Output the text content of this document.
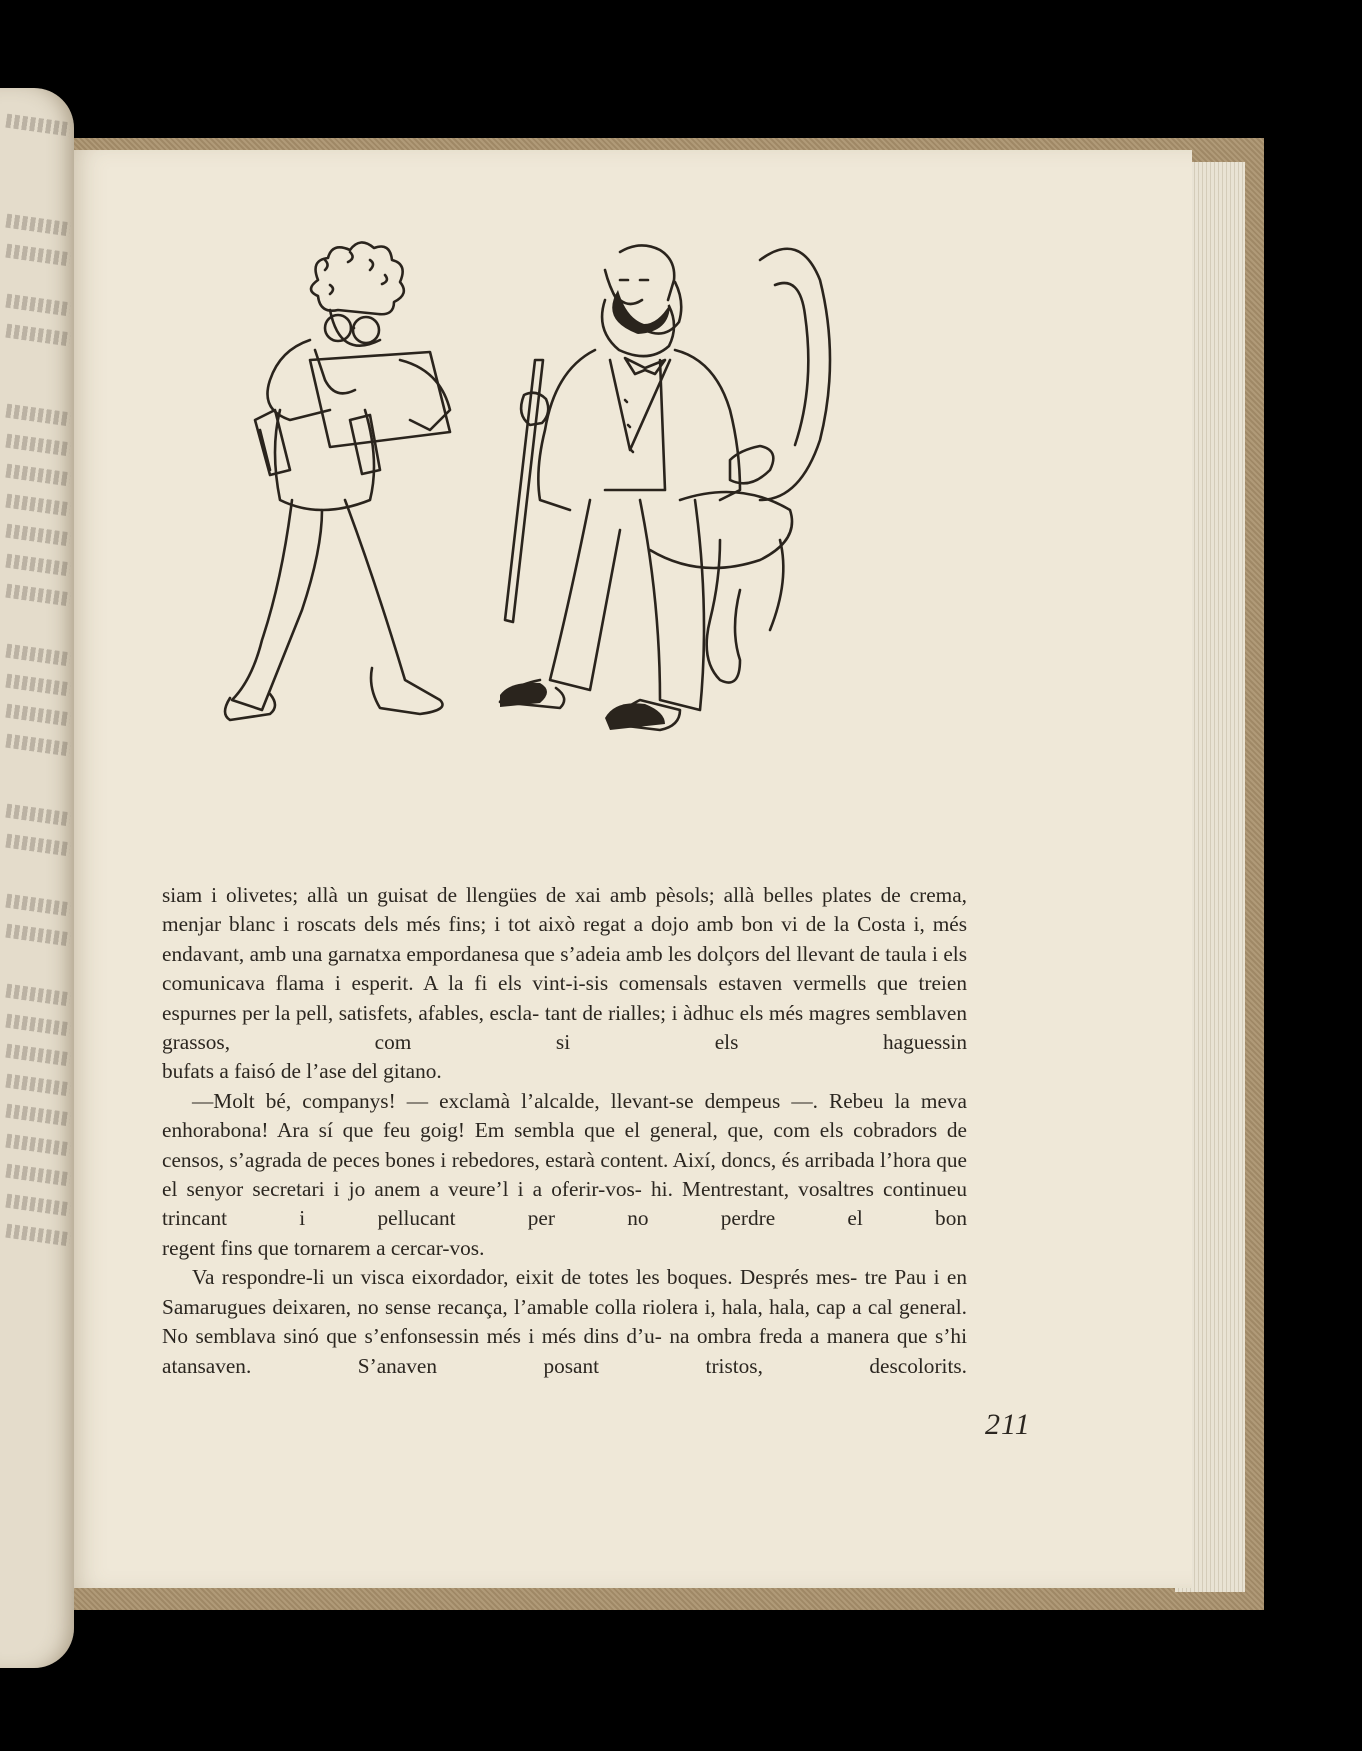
siam i olivetes; allà un guisat de llengües de xai amb pèsols; allà belles plates de crema, menjar blanc i roscats dels més fins; i tot això regat a dojo amb bon vi de la Costa i, més endavant, amb una garnatxa empordanesa que s’adeia amb les dolçors del llevant de taula i els comunicava flama i esperit. A la fi els vint-i-sis comensals estaven vermells que treien espurnes per la pell, satisfets, afables, escla- tant de rialles; i àdhuc els més magres semblaven grassos, com si els haguessin

bufats a faisó de l’ase del gitano.

—Molt bé, companys! — exclamà l’alcalde, llevant-se dempeus —. Rebeu la meva enhorabona! Ara sí que feu goig! Em sembla que el general, que, com els cobradors de censos, s’agrada de peces bones i rebedores, estarà content. Així, doncs, és arribada l’hora que el senyor secretari i jo anem a veure’l i a oferir-vos- hi. Mentrestant, vosaltres continueu trincant i pellucant per no perdre el bon

regent fins que tornarem a cercar-vos.

Va respondre-li un visca eixordador, eixit de totes les boques. Després mes- tre Pau i en Samarugues deixaren, no sense recança, l’amable colla riolera i, hala, hala, cap a cal general. No semblava sinó que s’enfonsessin més i més dins d’u- na ombra freda a manera que s’hi atansaven. S’anaven posant tristos, descolorits.

211
